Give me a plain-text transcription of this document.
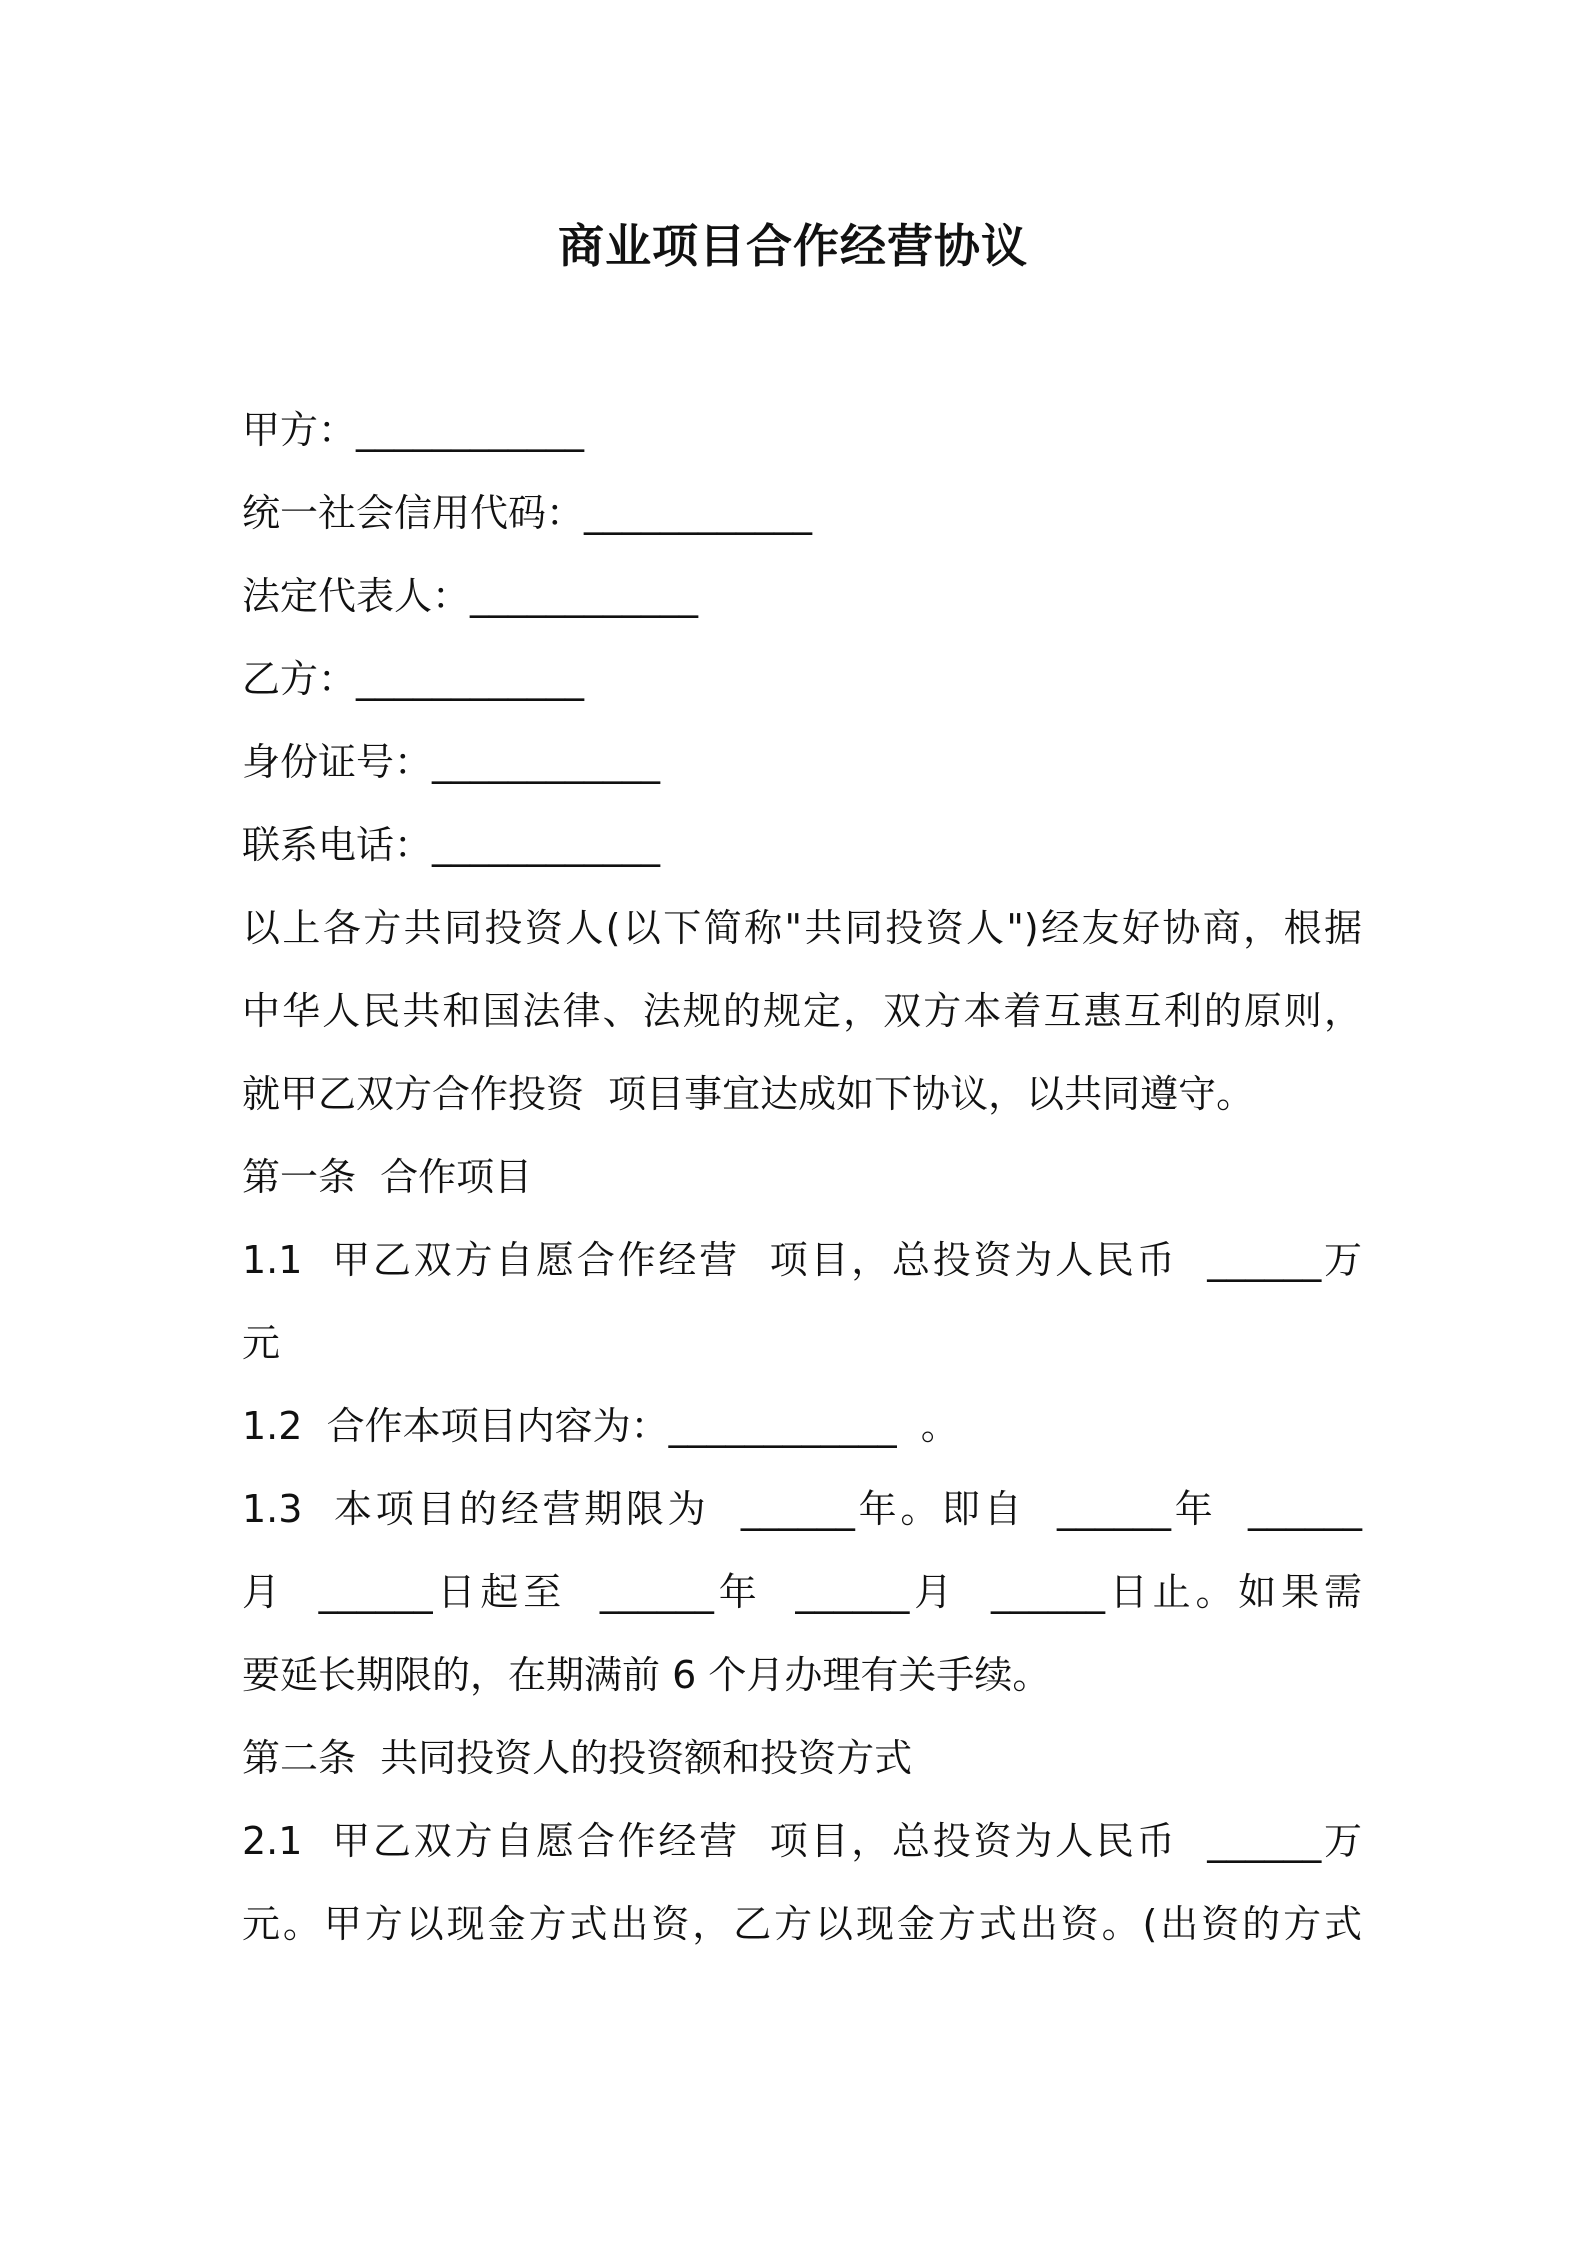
商业项目合作经营协议
甲方：____________
统一社会信用代码：____________
法定代表人：____________
乙方：____________
身份证号：____________
联系电话：____________
以上各方共同投资人(以下简称"共同投资人")经友好协商，根据
中华人民共和国法律、法规的规定，双方本着互惠互利的原则，
就甲乙双方合作投资  项目事宜达成如下协议，以共同遵守。
第一条  合作项目
1.1  甲乙双方自愿合作经营  项目，总投资为人民币  ______万
元
1.2  合作本项目内容为：____________  。
1.3  本项目的经营期限为  ______年。即自  ______年  ______
月  ______日起至  ______年  ______月  ______日止。如果需
要延长期限的，在期满前 6 个月办理有关手续。
第二条  共同投资人的投资额和投资方式
2.1  甲乙双方自愿合作经营  项目，总投资为人民币  ______万
元。甲方以现金方式出资，乙方以现金方式出资。(出资的方式
